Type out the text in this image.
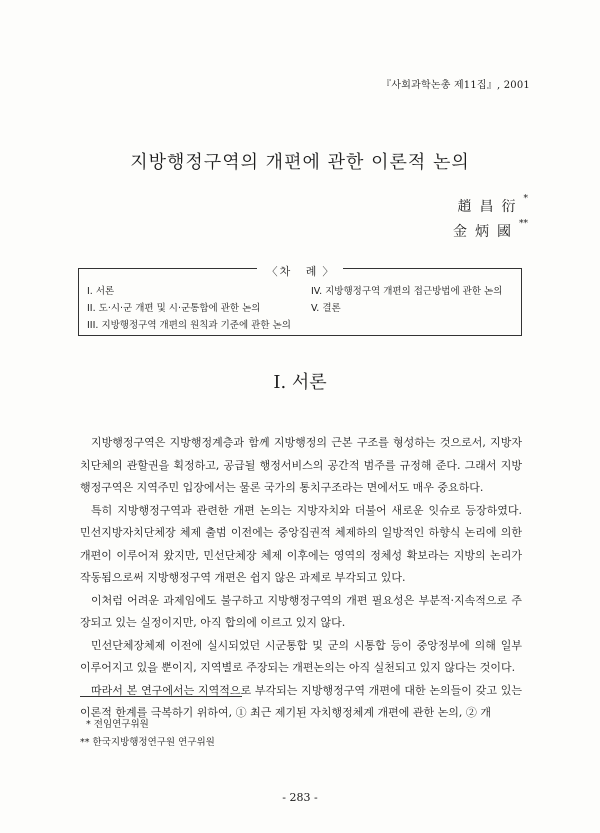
『사회과학논총 제11집』, 2001
지방행정구역의 개편에 관한 이론적 논의
趙昌衍*
金炳國**
〈 차 례 〉
I. 서론
II. 도·시·군 개편 및 시·군통합에 관한 논의
III. 지방행정구역 개편의 원칙과 기준에 관한 논의
IV. 지방행정구역 개편의 접근방법에 관한 논의
V. 결론
I. 서론

지방행정구역은 지방행정계층과 함께 지방행정의 근본 구조를 형성하는 것으로서, 지방자치단체의 관할권을 획정하고, 공급될 행정서비스의 공간적 범주를 규정해 준다. 그래서 지방행정구역은 지역주민 입장에서는 물론 국가의 통치구조라는 면에서도 매우 중요하다.

특히 지방행정구역과 관련한 개편 논의는 지방자치와 더불어 새로운 잇슈로 등장하였다. 민선지방자치단체장 체제 출범 이전에는 중앙집권적 체제하의 일방적인 하향식 논리에 의한 개편이 이루어져 왔지만, 민선단체장 체제 이후에는 영역의 정체성 확보라는 지방의 논리가 작동됨으로써 지방행정구역 개편은 쉽지 않은 과제로 부각되고 있다.

이처럼 어려운 과제임에도 불구하고 지방행정구역의 개편 필요성은 부분적·지속적으로 주장되고 있는 실정이지만, 아직 합의에 이르고 있지 않다.

민선단체장체제 이전에 실시되었던 시군통합 및 군의 시통합 등이 중앙정부에 의해 일부 이루어지고 있을 뿐이지, 지역별로 주장되는 개편논의는 아직 실천되고 있지 않다는 것이다.

따라서 본 연구에서는 지역적으로 부각되는 지방행정구역 개편에 대한 논의들이 갖고 있는 이론적 한계를 극복하기 위하여, ① 최근 제기된 자치행정체계 개편에 관한 논의, ② 개

* 전임연구위원
** 한국지방행정연구원 연구위원
- 283 -
